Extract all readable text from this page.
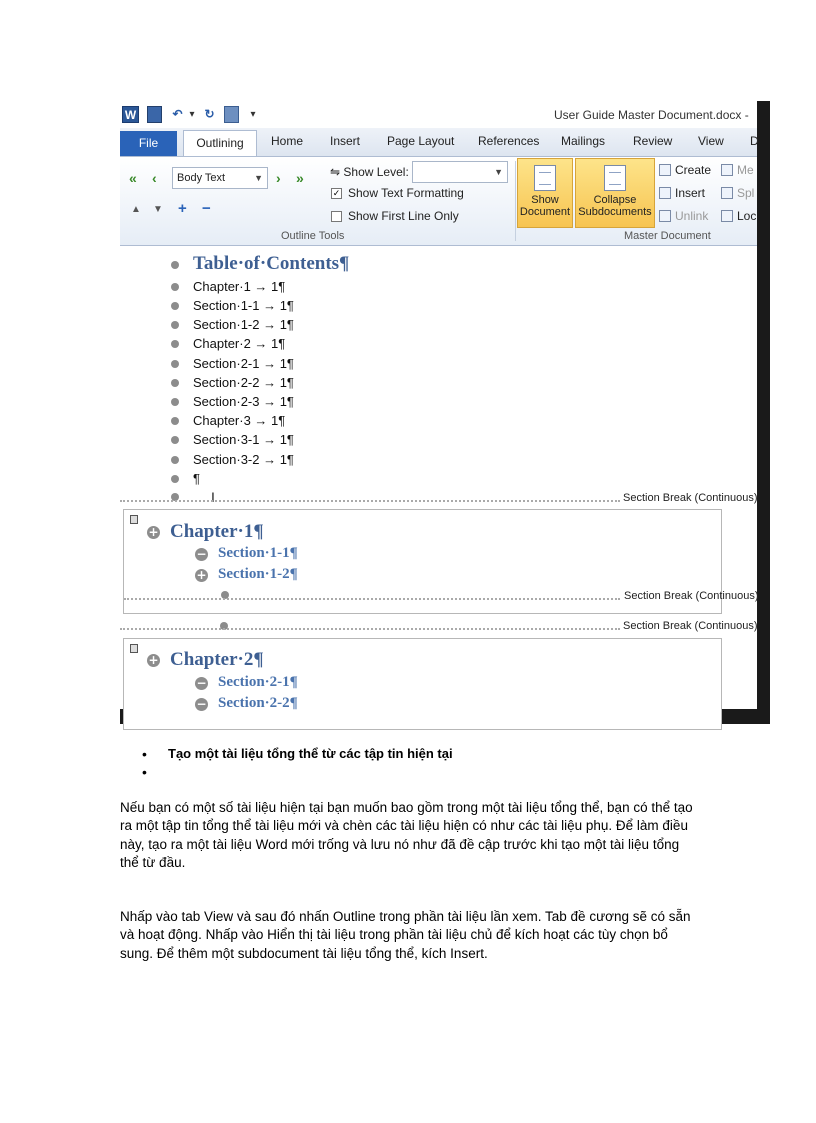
W	↶ ▾ ↻	▾	User Guide Master Document.docx -
File	Outlining	Home Insert Page Layout References Mailings Review View D
« ‹	Body Text	▼ › »
▲ ▼ + −
⇋ Show Level:	▼
✓ Show Text Formatting
Show First Line Only
Outline Tools
Show
Document
Collapse
Subdocuments
Create
Insert
Unlink
Me
Spl
Loc
Master Document
Table·of·Contents¶
Chapter·1 → 1¶
Section·1-1 → 1¶
Section·1-2 → 1¶
Chapter·2 → 1¶
Section·2-1 → 1¶
Section·2-2 → 1¶
Section·2-3 → 1¶
Chapter·3 → 1¶
Section·3-1 → 1¶
Section·3-2 → 1¶
¶
I	Section Break (Continuous)
+ Chapter·1¶
− Section·1-1¶
+ Section·1-2¶
Section Break (Continuous)
Section Break (Continuous)
+ Chapter·2¶
− Section·2-1¶
− Section·2-2¶
Tạo một tài liệu tổng thể từ các tập tin hiện tại

Nếu bạn có một số tài liệu hiện tại bạn muốn bao gồm trong một tài liệu tổng thể, bạn có thể tạo ra một tập tin tổng thể tài liệu mới và chèn các tài liệu hiện có như các tài liệu phụ. Để làm điều này, tạo ra một tài liệu Word mới trống và lưu nó như đã đề cập trước khi tạo một tài liệu tổng thể từ đầu.

Nhấp vào tab View và sau đó nhấn Outline trong phần tài liệu lần xem. Tab đề cương sẽ có sẵn và hoạt động. Nhấp vào Hiển thị tài liệu trong phần tài liệu chủ để kích hoạt các tùy chọn bổ sung. Để thêm một subdocument tài liệu tổng thể, kích Insert.
